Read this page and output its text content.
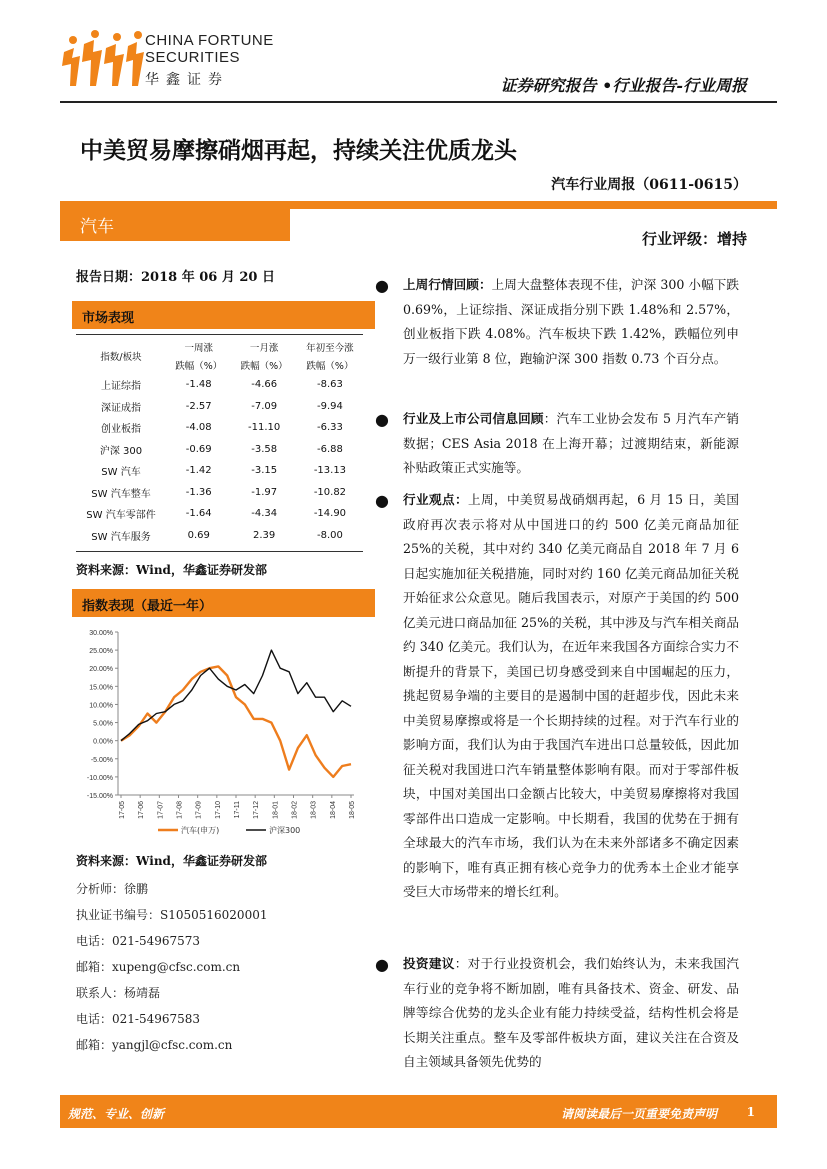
CHINA FORTUNE
SECURITIES
华鑫证券	证券研究报告 •行业报告-行业周报
中美贸易摩擦硝烟再起，持续关注优质龙头
汽车行业周报（0611-0615）
汽车
行业评级：增持
报告日期：2018 年 06 月 20 日
市场表现
指数/板块	一周涨	一月涨	年初至今涨
	跌幅（%）	跌幅（%）	跌幅（%）
上证综指	-1.48	-4.66	-8.63
深证成指	-2.57	-7.09	-9.94
创业板指	-4.08	-11.10	-6.33
沪深 300	-0.69	-3.58	-6.88
SW 汽车	-1.42	-3.15	-13.13
SW 汽车整车	-1.36	-1.97	-10.82
SW 汽车零部件	-1.64	-4.34	-14.90
SW 汽车服务	0.69	2.39	-8.00
资料来源：Wind，华鑫证券研发部
指数表现（最近一年）
30.00%
25.00%
20.00%
15.00%
10.00%
5.00%
0.00%
-5.00%
-10.00%
-15.00%
17-05 17-06 17-07 17-08 17-09 17-10 17-11 17-12 18-01 18-02 18-03 18-04 18-05
汽车(申万)	沪深300
资料来源：Wind，华鑫证券研发部
分析师：徐鹏
执业证书编号：S1050516020001
电话：021-54967573
邮箱：xupeng@cfsc.com.cn
联系人：杨靖磊
电话：021-54967583
邮箱：yangjl@cfsc.com.cn
● 上周行情回顾：上周大盘整体表现不佳，沪深 300 小幅下跌 0.69%，上证综指、深证成指分别下跌 1.48%和 2.57%，创业板指下跌 4.08%。汽车板块下跌 1.42%，跌幅位列申万一级行业第 8 位，跑输沪深 300 指数 0.73 个百分点。
● 行业及上市公司信息回顾：汽车工业协会发布 5 月汽车产销数据；CES Asia 2018 在上海开幕；过渡期结束，新能源补贴政策正式实施等。
● 行业观点：上周，中美贸易战硝烟再起，6 月 15 日，美国政府再次表示将对从中国进口的约 500 亿美元商品加征 25%的关税，其中对约 340 亿美元商品自 2018 年 7 月 6 日起实施加征关税措施，同时对约 160 亿美元商品加征关税开始征求公众意见。随后我国表示，对原产于美国的约 500 亿美元进口商品加征 25%的关税，其中涉及与汽车相关商品约 340 亿美元。我们认为，在近年来我国各方面综合实力不断提升的背景下，美国已切身感受到来自中国崛起的压力，挑起贸易争端的主要目的是遏制中国的赶超步伐，因此未来中美贸易摩擦或将是一个长期持续的过程。对于汽车行业的影响方面，我们认为由于我国汽车进出口总量较低，因此加征关税对我国进口汽车销量整体影响有限。而对于零部件板块，中国对美国出口金额占比较大，中美贸易摩擦将对我国零部件出口造成一定影响。中长期看，我国的优势在于拥有全球最大的汽车市场，我们认为在未来外部诸多不确定因素的影响下，唯有真正拥有核心竞争力的优秀本土企业才能享受巨大市场带来的增长红利。
● 投资建议：对于行业投资机会，我们始终认为，未来我国汽车行业的竞争将不断加剧，唯有具备技术、资金、研发、品牌等综合优势的龙头企业有能力持续受益，结构性机会将是长期关注重点。整车及零部件板块方面，建议关注在合资及自主领域具备领先优势的
规范、专业、创新	请阅读最后一页重要免责声明 1
